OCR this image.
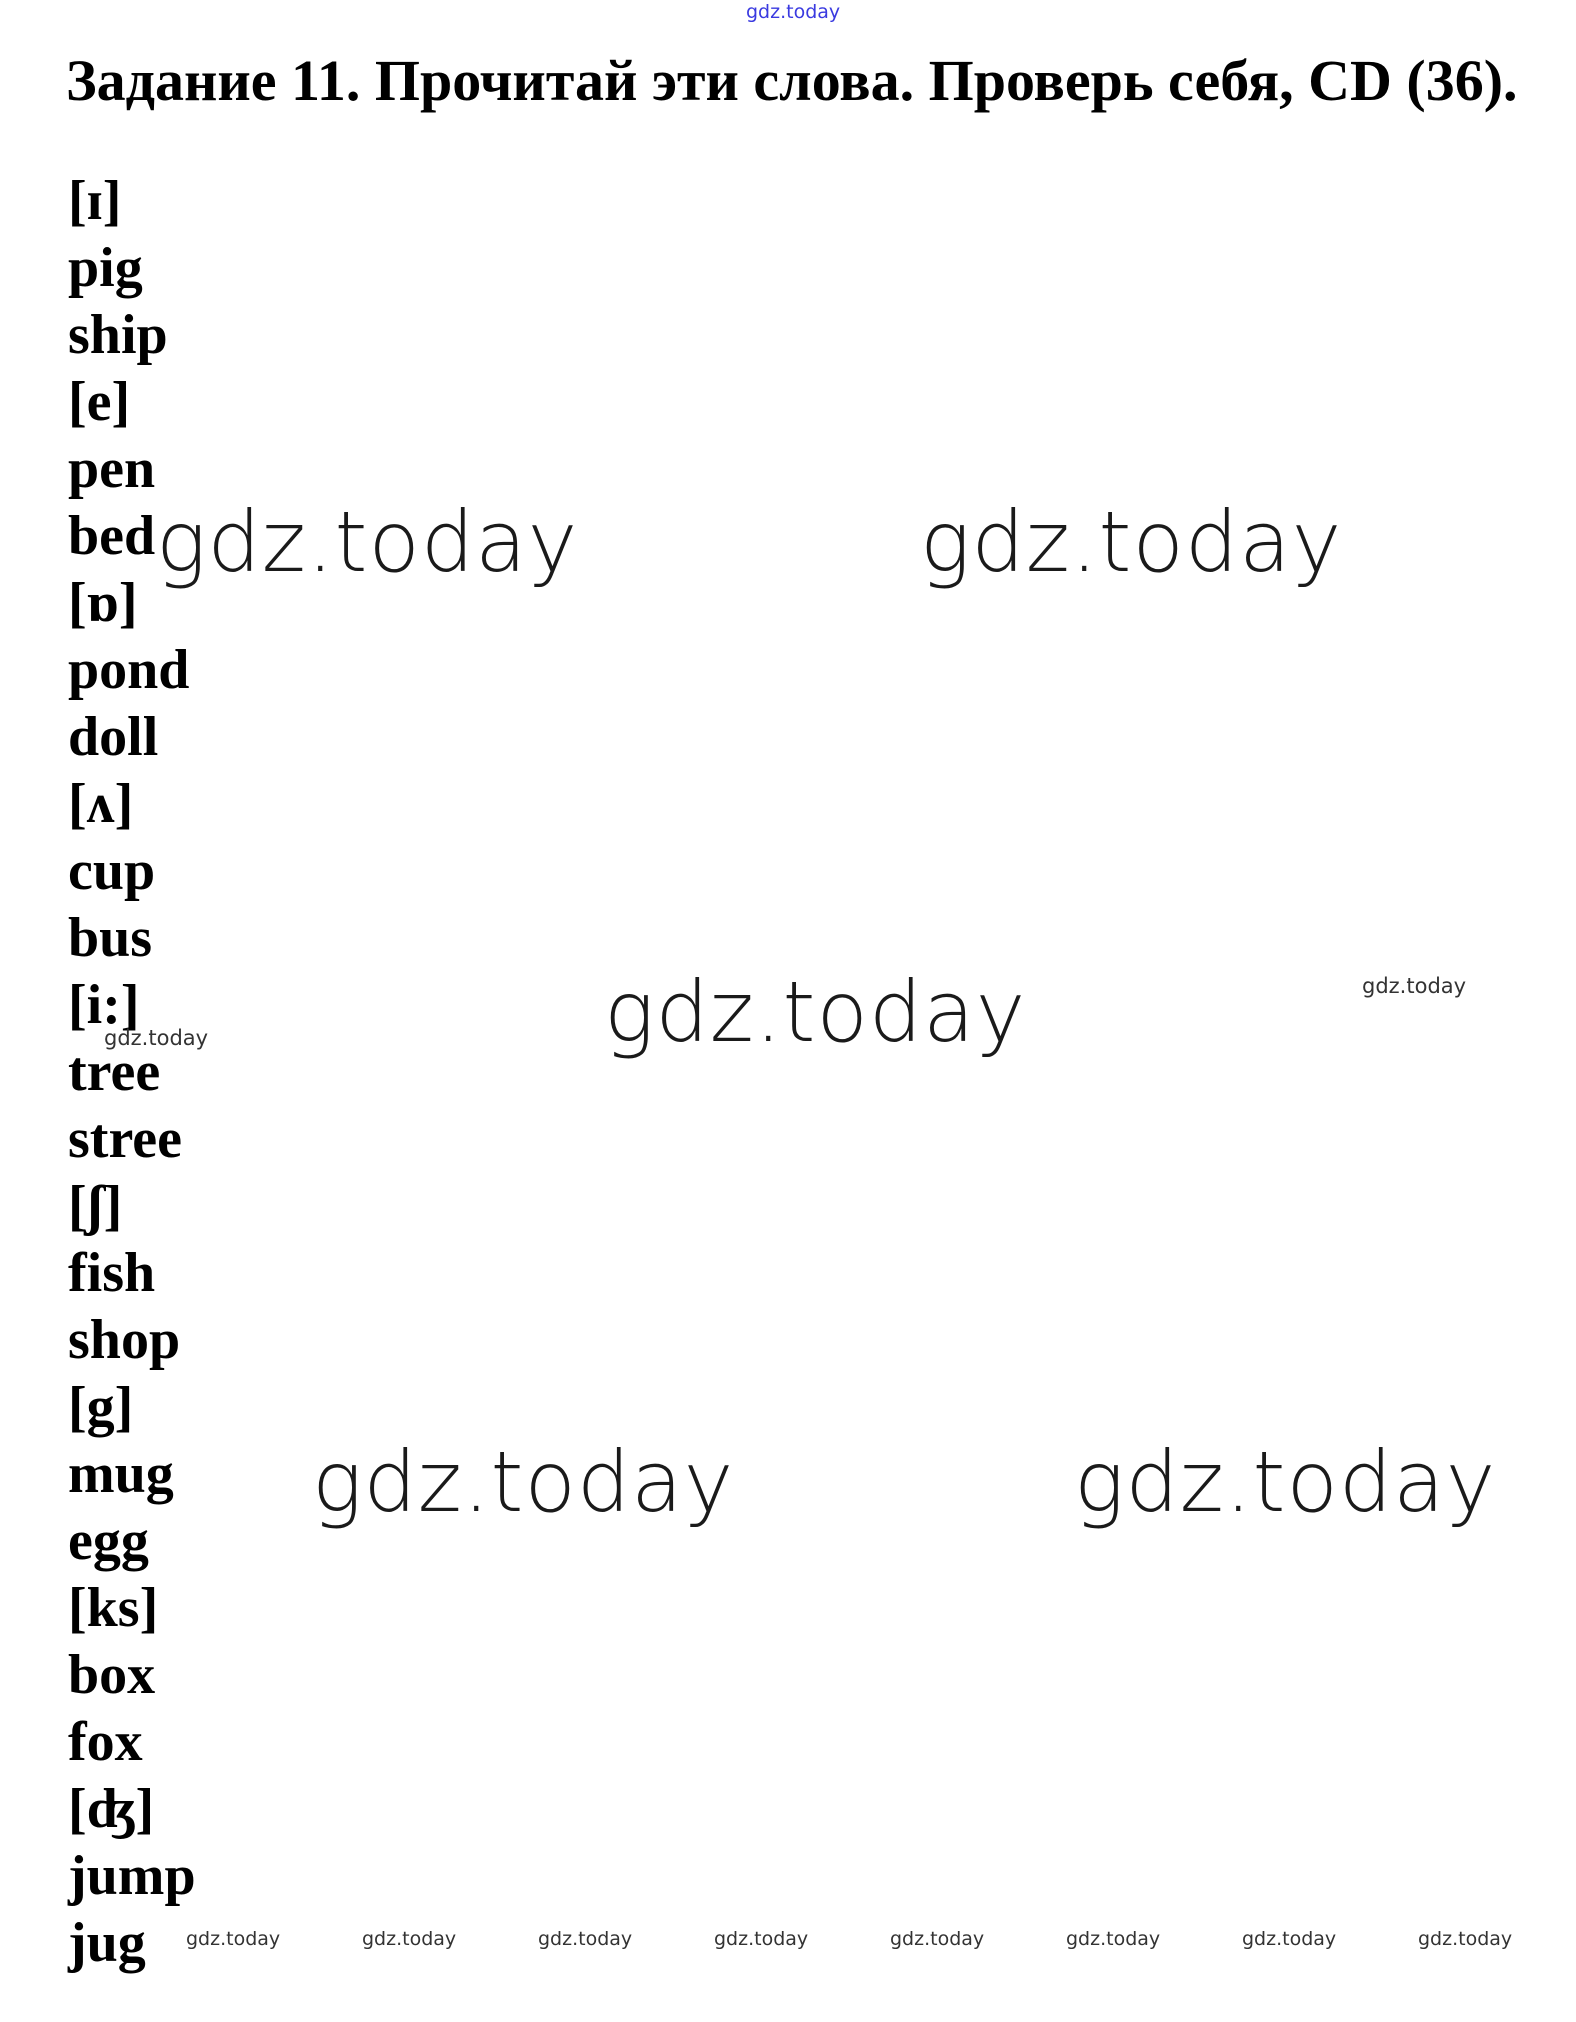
gdz.today
Задание 11. Прочитай эти слова. Проверь себя, CD (36).
[ɪ]
pig
ship
[e]
pen
bed
[ɒ]
pond
doll
[ʌ]
cup
bus
[i:]
tree
stree
[ʃ]
fish
shop
[g]
mug
egg
[ks]
box
fox
[ʤ]
jump
jug
gdz.today	gdz.today
gdz.today
gdz.today	gdz.today
gdz.today
gdz.today
gdz.today	gdz.today	gdz.today	gdz.today	gdz.today	gdz.today	gdz.today	gdz.today
